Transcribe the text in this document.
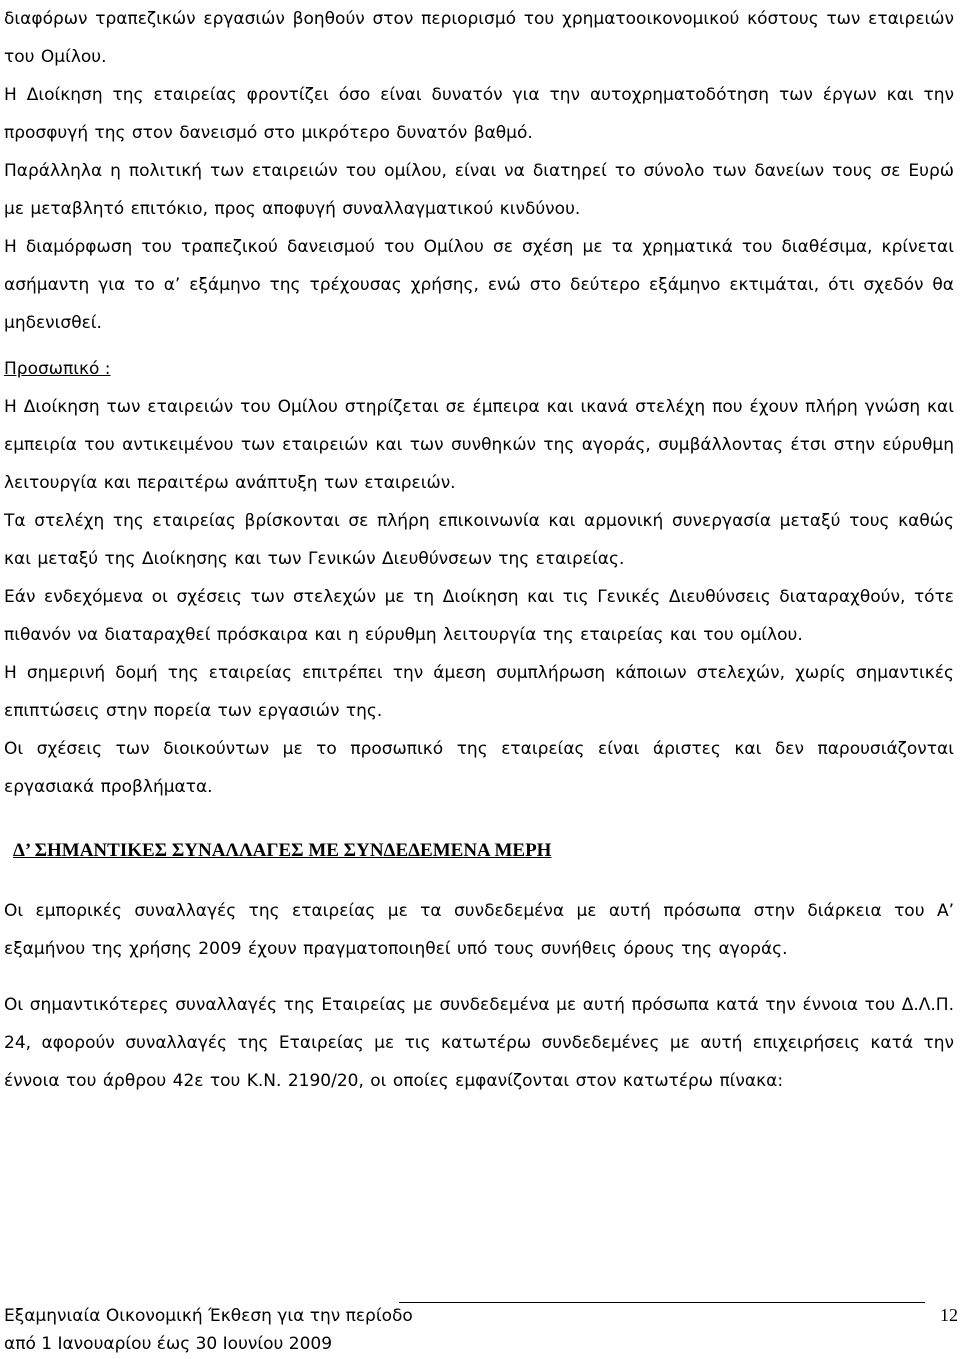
διαφόρων τραπεζικών εργασιών βοηθούν στον περιορισμό του χρηματοοικονομικού κόστους των εταιρειών του Ομίλου.

Η Διοίκηση της εταιρείας φροντίζει όσο είναι δυνατόν για την αυτοχρηματοδότηση των έργων και την προσφυγή της στον δανεισμό στο μικρότερο δυνατόν βαθμό.

Παράλληλα η πολιτική των εταιρειών του ομίλου, είναι να διατηρεί το σύνολο των δανείων τους σε Ευρώ με μεταβλητό επιτόκιο, προς αποφυγή συναλλαγματικού κινδύνου.

Η διαμόρφωση του τραπεζικού δανεισμού του Ομίλου σε σχέση με τα χρηματικά του διαθέσιμα, κρίνεται ασήμαντη για το α’ εξάμηνο της τρέχουσας χρήσης, ενώ στο δεύτερο εξάμηνο εκτιμάται, ότι σχεδόν θα μηδενισθεί.

Προσωπικό :

Η Διοίκηση των εταιρειών του Ομίλου στηρίζεται σε έμπειρα και ικανά στελέχη που έχουν πλήρη γνώση και εμπειρία του αντικειμένου των εταιρειών και των συνθηκών της αγοράς, συμβάλλοντας έτσι στην εύρυθμη λειτουργία και περαιτέρω ανάπτυξη των εταιρειών.

Τα στελέχη της εταιρείας βρίσκονται σε πλήρη επικοινωνία και αρμονική συνεργασία μεταξύ τους καθώς και μεταξύ της Διοίκησης και των Γενικών Διευθύνσεων της εταιρείας.

Εάν ενδεχόμενα οι σχέσεις των στελεχών με τη Διοίκηση και τις Γενικές Διευθύνσεις διαταραχθούν, τότε πιθανόν να διαταραχθεί πρόσκαιρα και η εύρυθμη λειτουργία της εταιρείας και του ομίλου.

Η σημερινή δομή της εταιρείας επιτρέπει την άμεση συμπλήρωση κάποιων στελεχών, χωρίς σημαντικές επιπτώσεις στην πορεία των εργασιών της.

Οι σχέσεις των διοικούντων με το προσωπικό της εταιρείας είναι άριστες και δεν παρουσιάζονται εργασιακά προβλήματα.

Δ’ ΣΗΜΑΝΤΙΚΕΣ ΣΥΝΑΛΛΑΓΕΣ ΜΕ ΣΥΝΔΕΔΕΜΕΝΑ ΜΕΡΗ

Οι εμπορικές συναλλαγές της εταιρείας με τα συνδεδεμένα με αυτή πρόσωπα στην διάρκεια του Α’ εξαμήνου της χρήσης 2009 έχουν πραγματοποιηθεί υπό τους συνήθεις όρους της αγοράς.

Οι σημαντικότερες συναλλαγές της Εταιρείας με συνδεδεμένα με αυτή πρόσωπα κατά την έννοια του Δ.Λ.Π. 24, αφορούν συναλλαγές της Εταιρείας με τις κατωτέρω συνδεδεμένες με αυτή επιχειρήσεις κατά την έννοια του άρθρου 42ε του Κ.Ν. 2190/20, οι οποίες εμφανίζονται στον κατωτέρω πίνακα:

Εξαμηνιαία Οικονομική Έκθεση για την περίοδο

από 1 Ιανουαρίου έως 30 Ιουνίου 2009

12
